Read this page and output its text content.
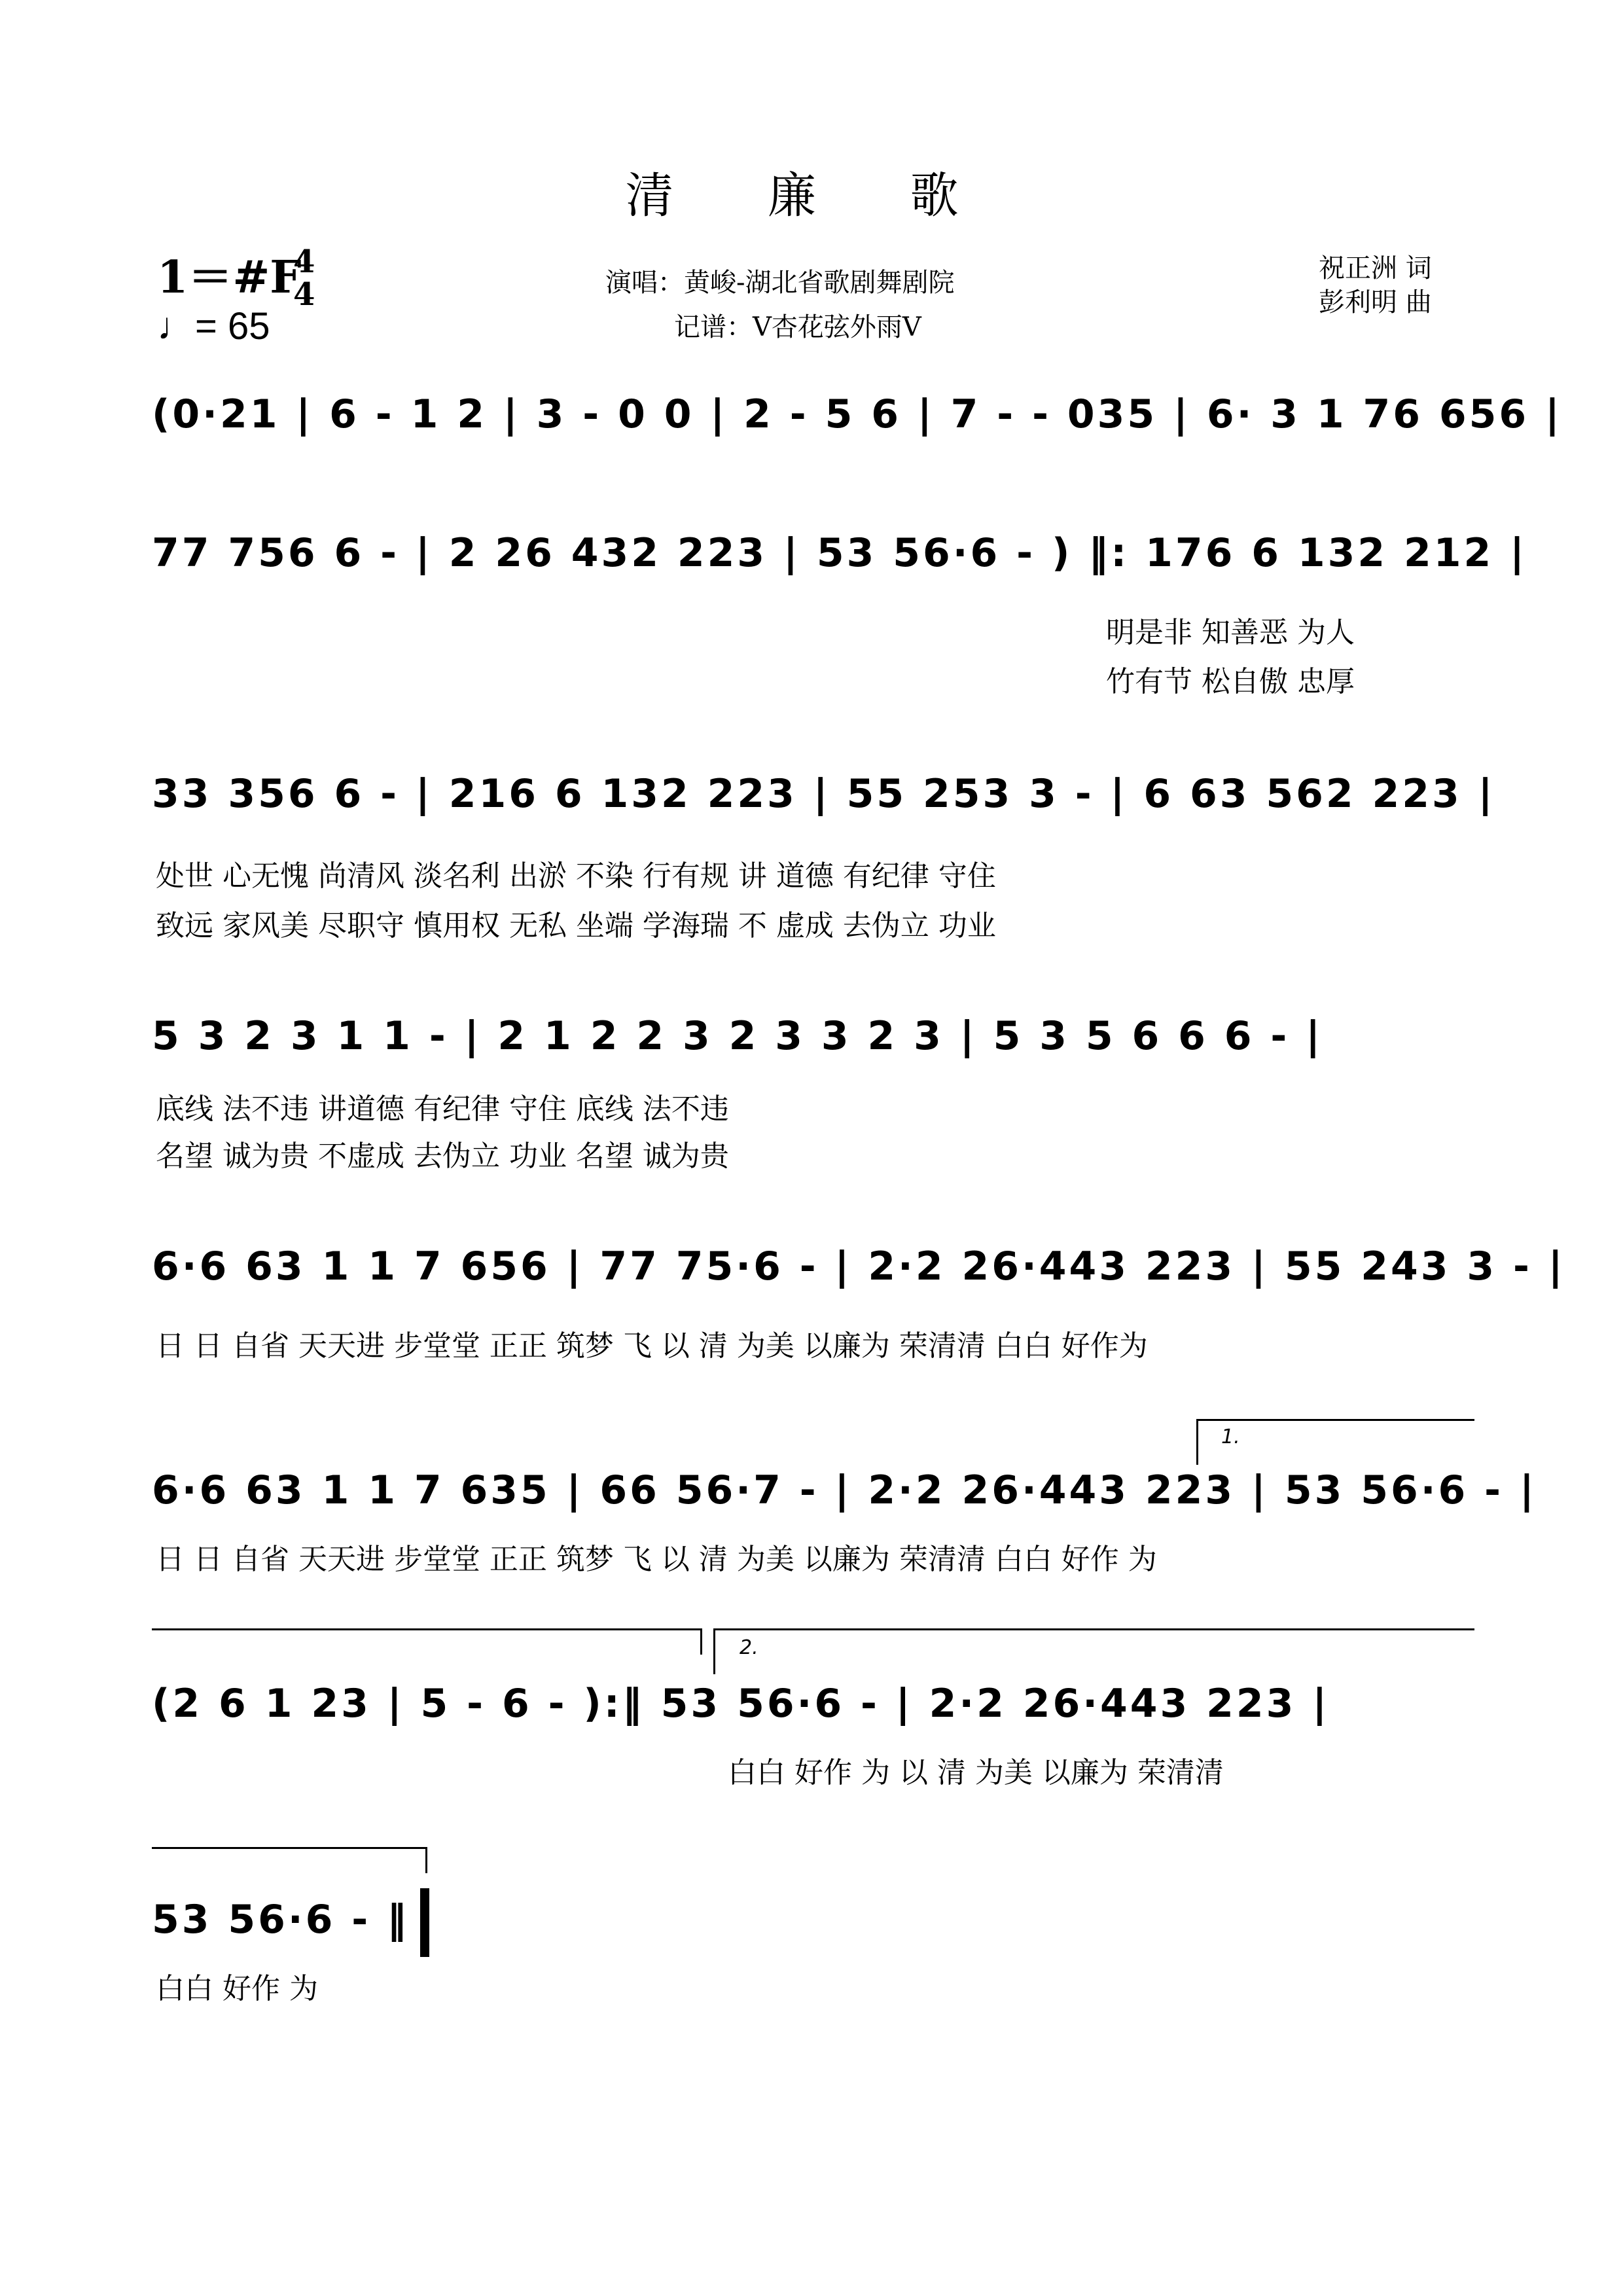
清 廉 歌
1＝#F
4
4
♩= 65
演唱：黄峻-湖北省歌剧舞剧院
记谱：V杏花弦外雨V
祝正洲 词
彭利明 曲
(0·21 | 6 - 1 2 | 3 - 0 0 | 2 - 5 6 | 7 - - 035 | 6· 3 1 76 656 |
77 756 6 - | 2 26 432 223 | 53 56·6 - ) ‖: 176 6 132 212 |
明是非 知善恶 为人
竹有节 松自傲 忠厚
33 356 6 - | 216 6 132 223 | 55 253 3 - | 6 63 562 223 |
处世 心无愧 尚清风 淡名利 出淤 不染 行有规 讲 道德 有纪律 守住
致远 家风美 尽职守 慎用权 无私 坐端 学海瑞 不 虚成 去伪立 功业
5 3 2 3 1 1 - | 2 1 2 2 3 2 3 3 2 3 | 5 3 5 6 6 6 - |
底线 法不违 讲道德 有纪律 守住 底线 法不违
名望 诚为贵 不虚成 去伪立 功业 名望 诚为贵
6·6 63 1 1 7 656 | 77 75·6 - | 2·2 26·443 223 | 55 243 3 - |
日 日 自省 天天进 步堂堂 正正 筑梦 飞 以 清 为美 以廉为 荣清清 白白 好作为
1.
6·6 63 1 1 7 635 | 66 56·7 - | 2·2 26·443 223 | 53 56·6 - |
日 日 自省 天天进 步堂堂 正正 筑梦 飞 以 清 为美 以廉为 荣清清 白白 好作 为
2.
(2 6 1 23 | 5 - 6 - ):‖ 53 56·6 - | 2·2 26·443 223 |
白白 好作 为 以 清 为美 以廉为 荣清清
53 56·6 - ‖
白白 好作 为
